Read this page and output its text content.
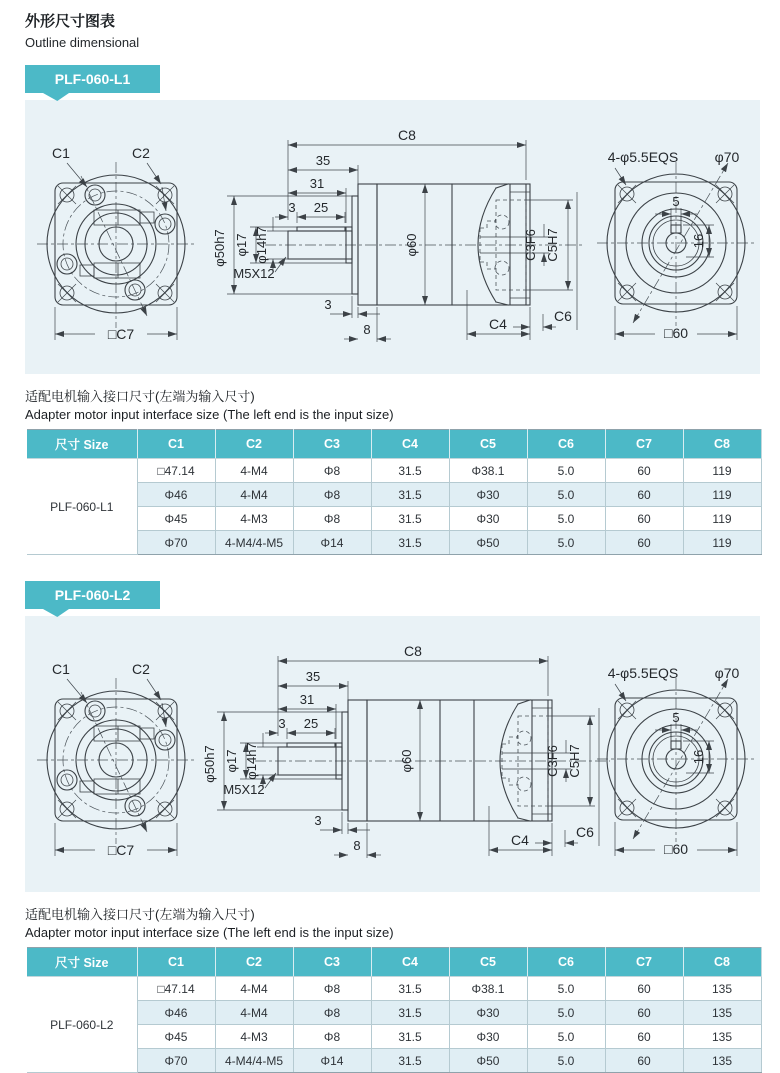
外形尺寸图表
Outline dimensional
PLF-060-L1
C1	C2
□C7
C8
35
31
3 25
φ50h7 φ17 φ14h7
M5X12
φ60
3
8	C4	C6
C3F6 C5H7
5
16
4-φ5.5EQS	φ70
□60

适配电机输入接口尺寸(左端为输入尺寸)

Adapter motor input interface size (The left end is the input size)

尺寸 Size	C1	C2	C3	C4	C5	C6	C7	C8
PLF-060-L1	□47.14	4-M4	Φ8	31.5	Φ38.1	5.0	60	119
	Φ46	4-M4	Φ8	31.5	Φ30	5.0	60	119
	Φ45	4-M3	Φ8	31.5	Φ30	5.0	60	119
	Φ70	4-M4/4-M5	Φ14	31.5	Φ50	5.0	60	119
PLF-060-L2
C1	C2
□C7
C8
35
31
3 25
φ50h7 φ17 φ14h7
M5X12
φ60
3
8	C4	C6
C3F6 C5H7
5
16
4-φ5.5EQS	φ70
□60

适配电机输入接口尺寸(左端为输入尺寸)

Adapter motor input interface size (The left end is the input size)

尺寸 Size	C1	C2	C3	C4	C5	C6	C7	C8
PLF-060-L2	□47.14	4-M4	Φ8	31.5	Φ38.1	5.0	60	135
	Φ46	4-M4	Φ8	31.5	Φ30	5.0	60	135
	Φ45	4-M3	Φ8	31.5	Φ30	5.0	60	135
	Φ70	4-M4/4-M5	Φ14	31.5	Φ50	5.0	60	135
